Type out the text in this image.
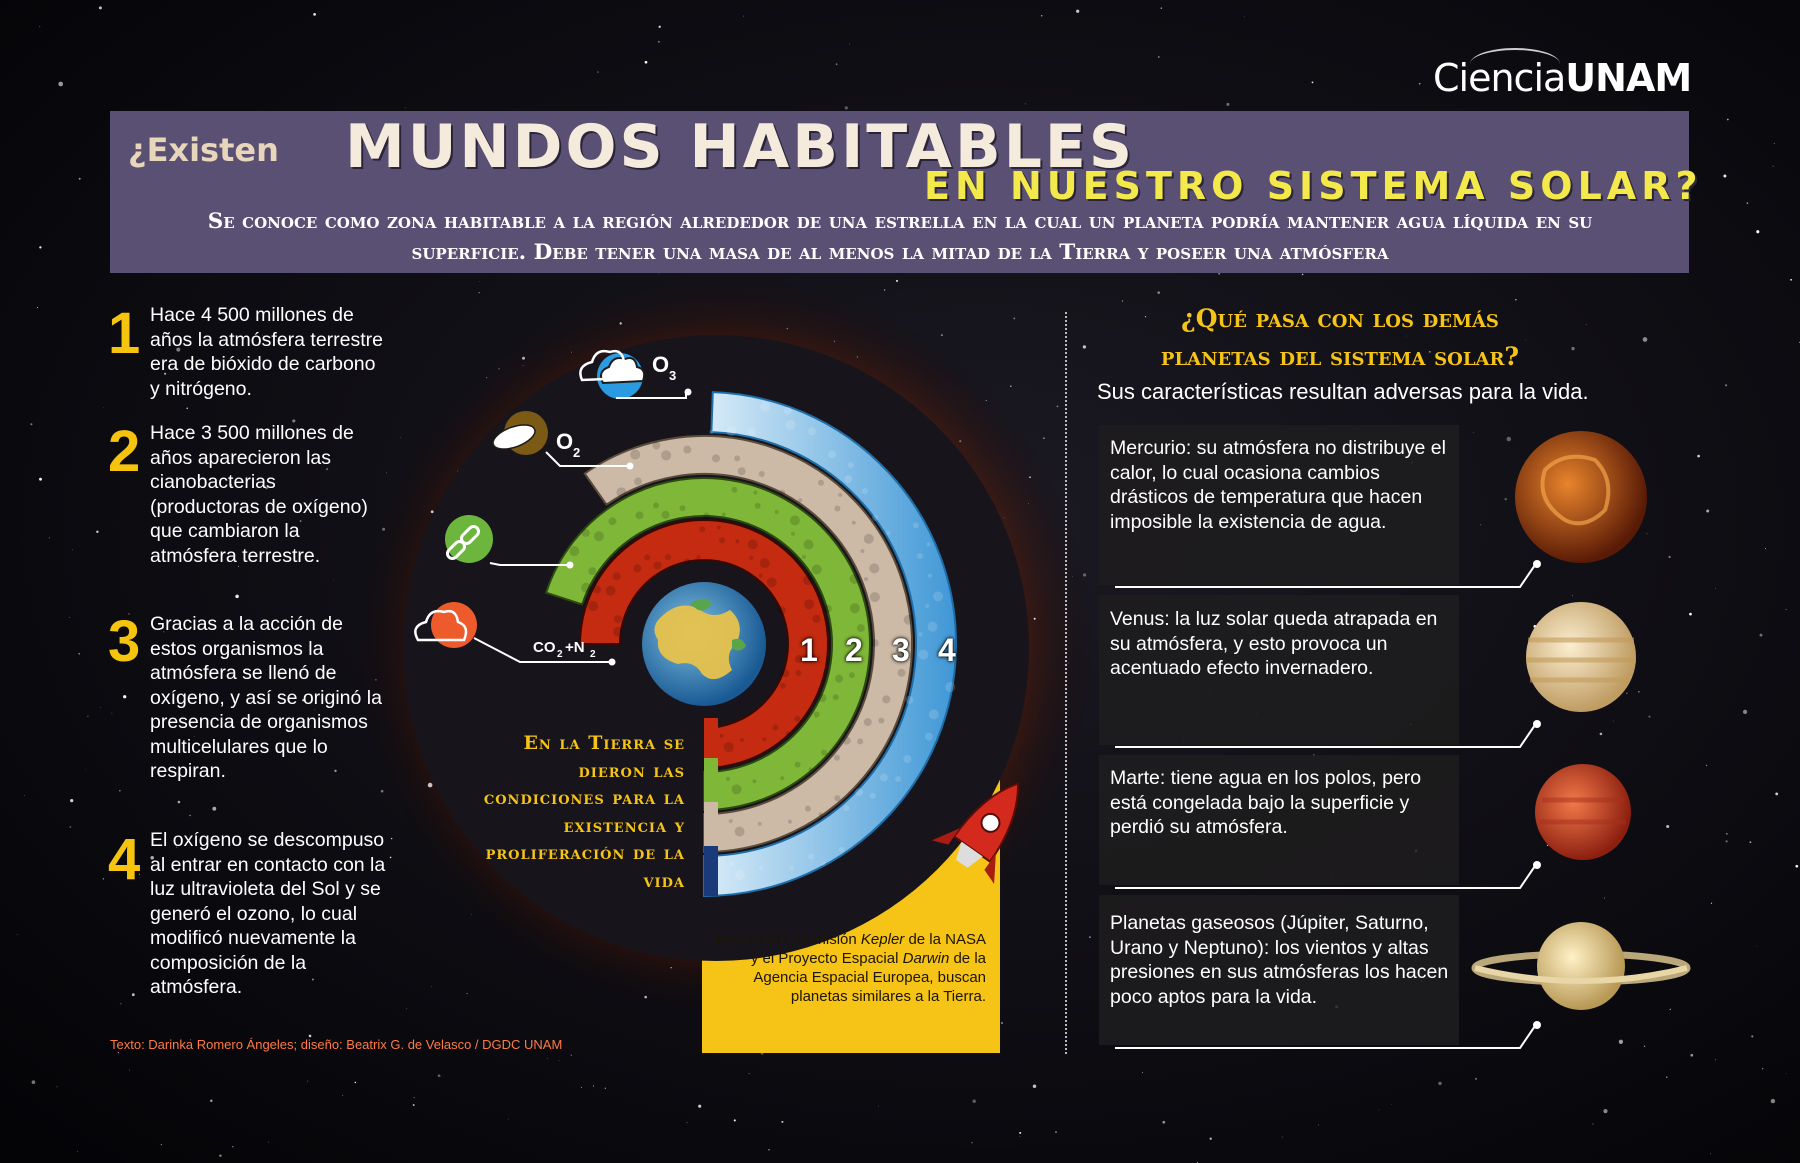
CienciaUNAM
¿Existen MUNDOS HABITABLES
EN NUESTRO SISTEMA SOLAR?
Se conoce como zona habitable a la región alrededor de una estrella en la cual un planeta podría mantener agua líquida en su superficie. Debe tener una masa de al menos la mitad de la Tierra y poseer una atmósfera
1 Hace 4 500 millones de años la atmósfera terrestre era de bióxido de carbono y nitrógeno.
2 Hace 3 500 millones de años aparecieron las cianobacterias (productoras de oxígeno) que cambiaron la atmósfera terrestre.
3 Gracias a la acción de estos organismos la atmósfera se llenó de oxígeno, y así se originó la presencia de organismos multicelulares que lo respiran.
4 El oxígeno se descompuso al entrar en contacto con la luz ultravioleta del Sol y se generó el ozono, lo cual modificó nuevamente la composición de la atmósfera.
Texto: Darinka Romero Ángeles; diseño: Beatrix G. de Velasco / DGDC UNAM
O 3
O 2
CO 2 +N 2	1 2 3 4
En la Tierra se dieron las condiciones para la existencia y proliferación de la vida
Hoy en día, la misión Kepler de la NASA y el Proyecto Espacial Darwin de la Agencia Espacial Europea, buscan planetas similares a la Tierra.
¿Qué pasa con los demás planetas del sistema solar?
Sus características resultan adversas para la vida.
Mercurio: su atmósfera no distribuye el calor, lo cual ocasiona cambios drásticos de temperatura que hacen imposible la existencia de agua.
Venus: la luz solar queda atrapada en su atmósfera, y esto provoca un acentuado efecto invernadero.
Marte: tiene agua en los polos, pero está congelada bajo la superficie y perdió su atmósfera.
Planetas gaseosos (Júpiter, Saturno, Urano y Neptuno): los vientos y altas presiones en sus atmósferas los hacen poco aptos para la vida.
